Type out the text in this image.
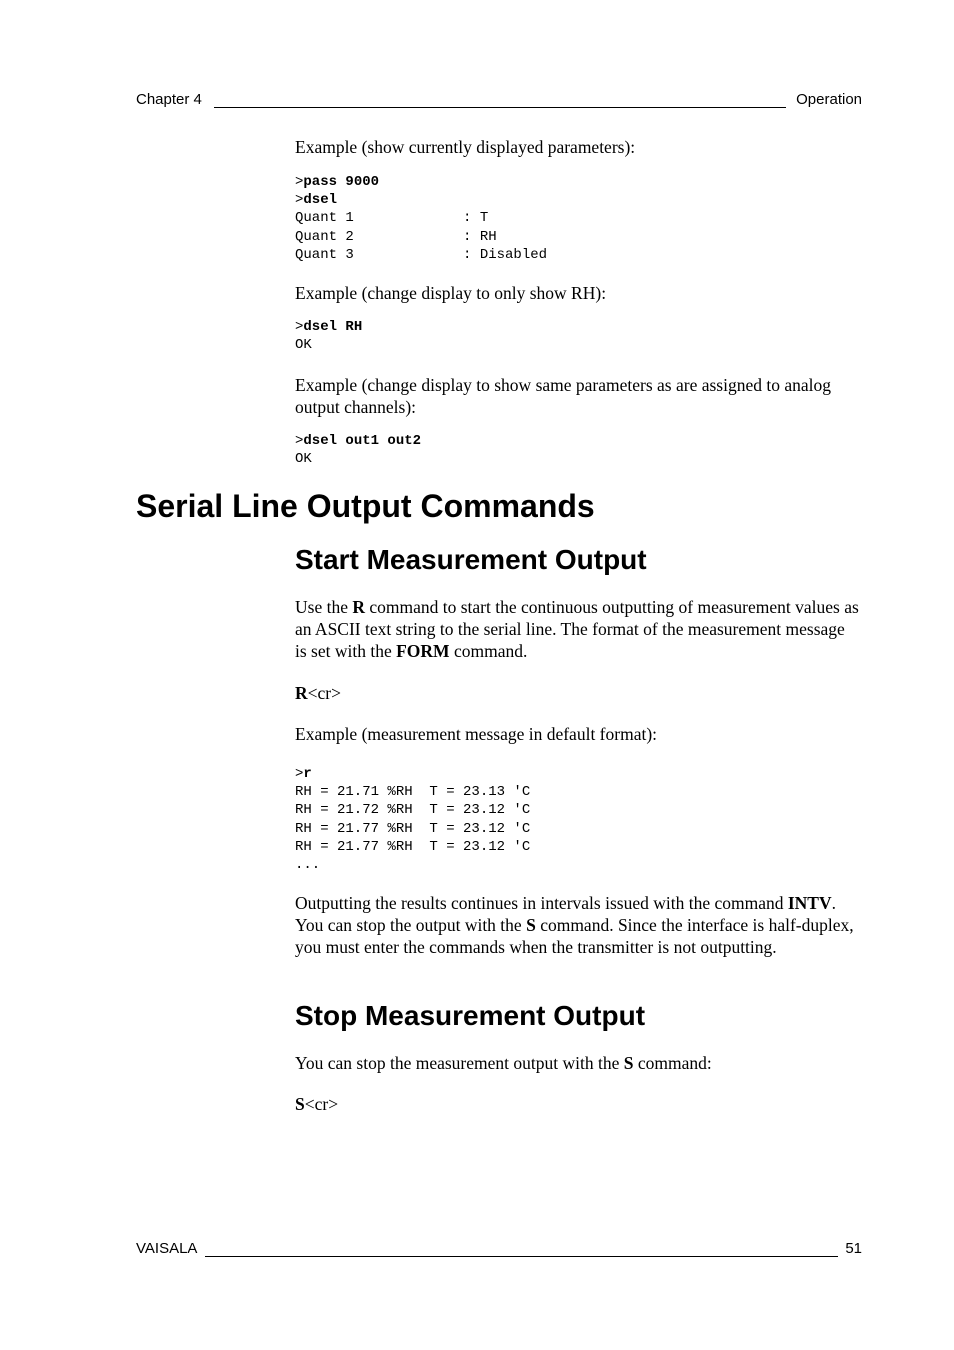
Chapter 4	Operation
Example (show currently displayed parameters):
>pass 9000
>dsel
Quant 1             : T
Quant 2             : RH
Quant 3             : Disabled
Example (change display to only show RH):
>dsel RH
OK
Example (change display to show same parameters as are assigned to analog output channels):
>dsel out1 out2
OK
Serial Line Output Commands
Start Measurement Output
Use the R command to start the continuous outputting of measurement values as an ASCII text string to the serial line. The format of the measurement message is set with the FORM command.
R<cr>
Example (measurement message in default format):
>r
RH = 21.71 %RH  T = 23.13 'C
RH = 21.72 %RH  T = 23.12 'C
RH = 21.77 %RH  T = 23.12 'C
RH = 21.77 %RH  T = 23.12 'C
...
Outputting the results continues in intervals issued with the command INTV. You can stop the output with the S command. Since the interface is half-duplex, you must enter the commands when the transmitter is not outputting.
Stop Measurement Output
You can stop the measurement output with the S command:
S<cr>
VAISALA	51
